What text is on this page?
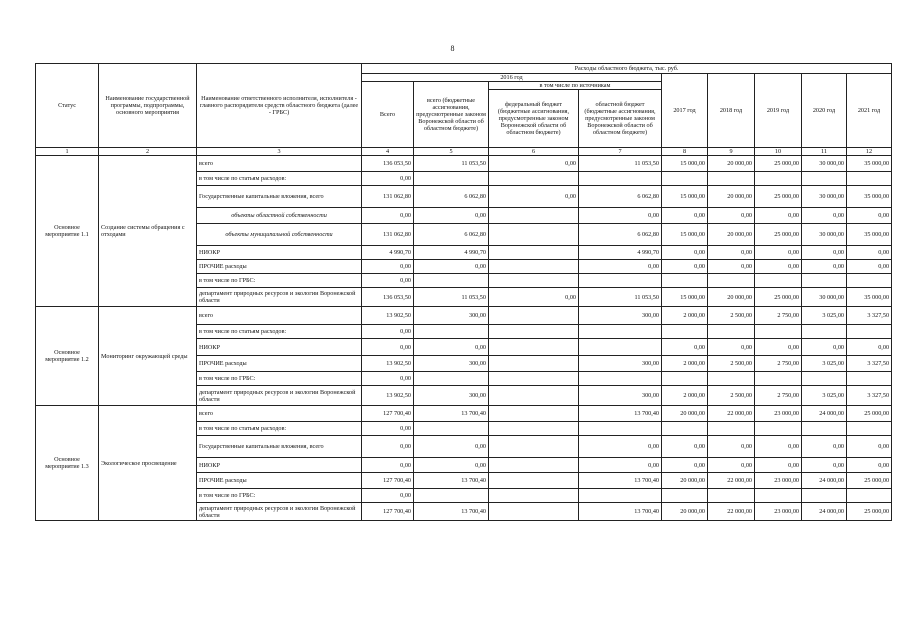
8
Статус	Наименование государственной программы, подпрограммы, основного мероприятия	Наименование ответственного исполнителя, исполнителя - главного распорядителя средств областного бюджета (далее - ГРБС)	Расходы областного бюджета, тыс. руб.								
			2016 год				2017 год	2018 год	2019 год	2020 год	2021 год
			Всего	всего (бюджетные ассигнования, предусмотренные законом Воронежской области об областном бюджете)	в том числе по источникам						
					федеральный бюджет (бюджетные ассигнования, предусмотренные законом Воронежской области об областном бюджете)	областной бюджет (бюджетные ассигнования, предусмотренные законом Воронежской области об областном бюджете)					
1	2	3	4	5	6	7	8	9	10	11	12
Основное мероприятие 1.1	Создание системы обращения с отходами	всего	136 053,50	11 053,50	0,00	11 053,50	15 000,00	20 000,00	25 000,00	30 000,00	35 000,00
		в том числе по статьям расходов:	0,00								
		Государственные капитальные вложения, всего	131 062,80	6 062,80	0,00	6 062,80	15 000,00	20 000,00	25 000,00	30 000,00	35 000,00
		объекты областной собственности	0,00	0,00		0,00	0,00	0,00	0,00	0,00	0,00
		объекты муниципальной собственности	131 062,80	6 062,80		6 062,80	15 000,00	20 000,00	25 000,00	30 000,00	35 000,00
		НИОКР	4 990,70	4 990,70		4 990,70	0,00	0,00	0,00	0,00	0,00
		ПРОЧИЕ расходы	0,00	0,00		0,00	0,00	0,00	0,00	0,00	0,00
		в том числе по ГРБС:	0,00								
		департамент природных ресурсов и экологии Воронежской области	136 053,50	11 053,50	0,00	11 053,50	15 000,00	20 000,00	25 000,00	30 000,00	35 000,00
Основное мероприятие 1.2	Мониторинг окружающей среды	всего	13 902,50	300,00		300,00	2 000,00	2 500,00	2 750,00	3 025,00	3 327,50
		в том числе по статьям расходов:	0,00								
		НИОКР	0,00	0,00			0,00	0,00	0,00	0,00	0,00
		ПРОЧИЕ расходы	13 902,50	300,00		300,00	2 000,00	2 500,00	2 750,00	3 025,00	3 327,50
		в том числе по ГРБС:	0,00								
		департамент природных ресурсов и экологии Воронежской области	13 902,50	300,00		300,00	2 000,00	2 500,00	2 750,00	3 025,00	3 327,50
Основное мероприятие 1.3	Экологическое просвещение	всего	127 700,40	13 700,40		13 700,40	20 000,00	22 000,00	23 000,00	24 000,00	25 000,00
		в том числе по статьям расходов:	0,00								
		Государственные капитальные вложения, всего	0,00	0,00		0,00	0,00	0,00	0,00	0,00	0,00
		НИОКР	0,00	0,00		0,00	0,00	0,00	0,00	0,00	0,00
		ПРОЧИЕ расходы	127 700,40	13 700,40		13 700,40	20 000,00	22 000,00	23 000,00	24 000,00	25 000,00
		в том числе по ГРБС:	0,00								
		департамент природных ресурсов и экологии Воронежской области	127 700,40	13 700,40		13 700,40	20 000,00	22 000,00	23 000,00	24 000,00	25 000,00
